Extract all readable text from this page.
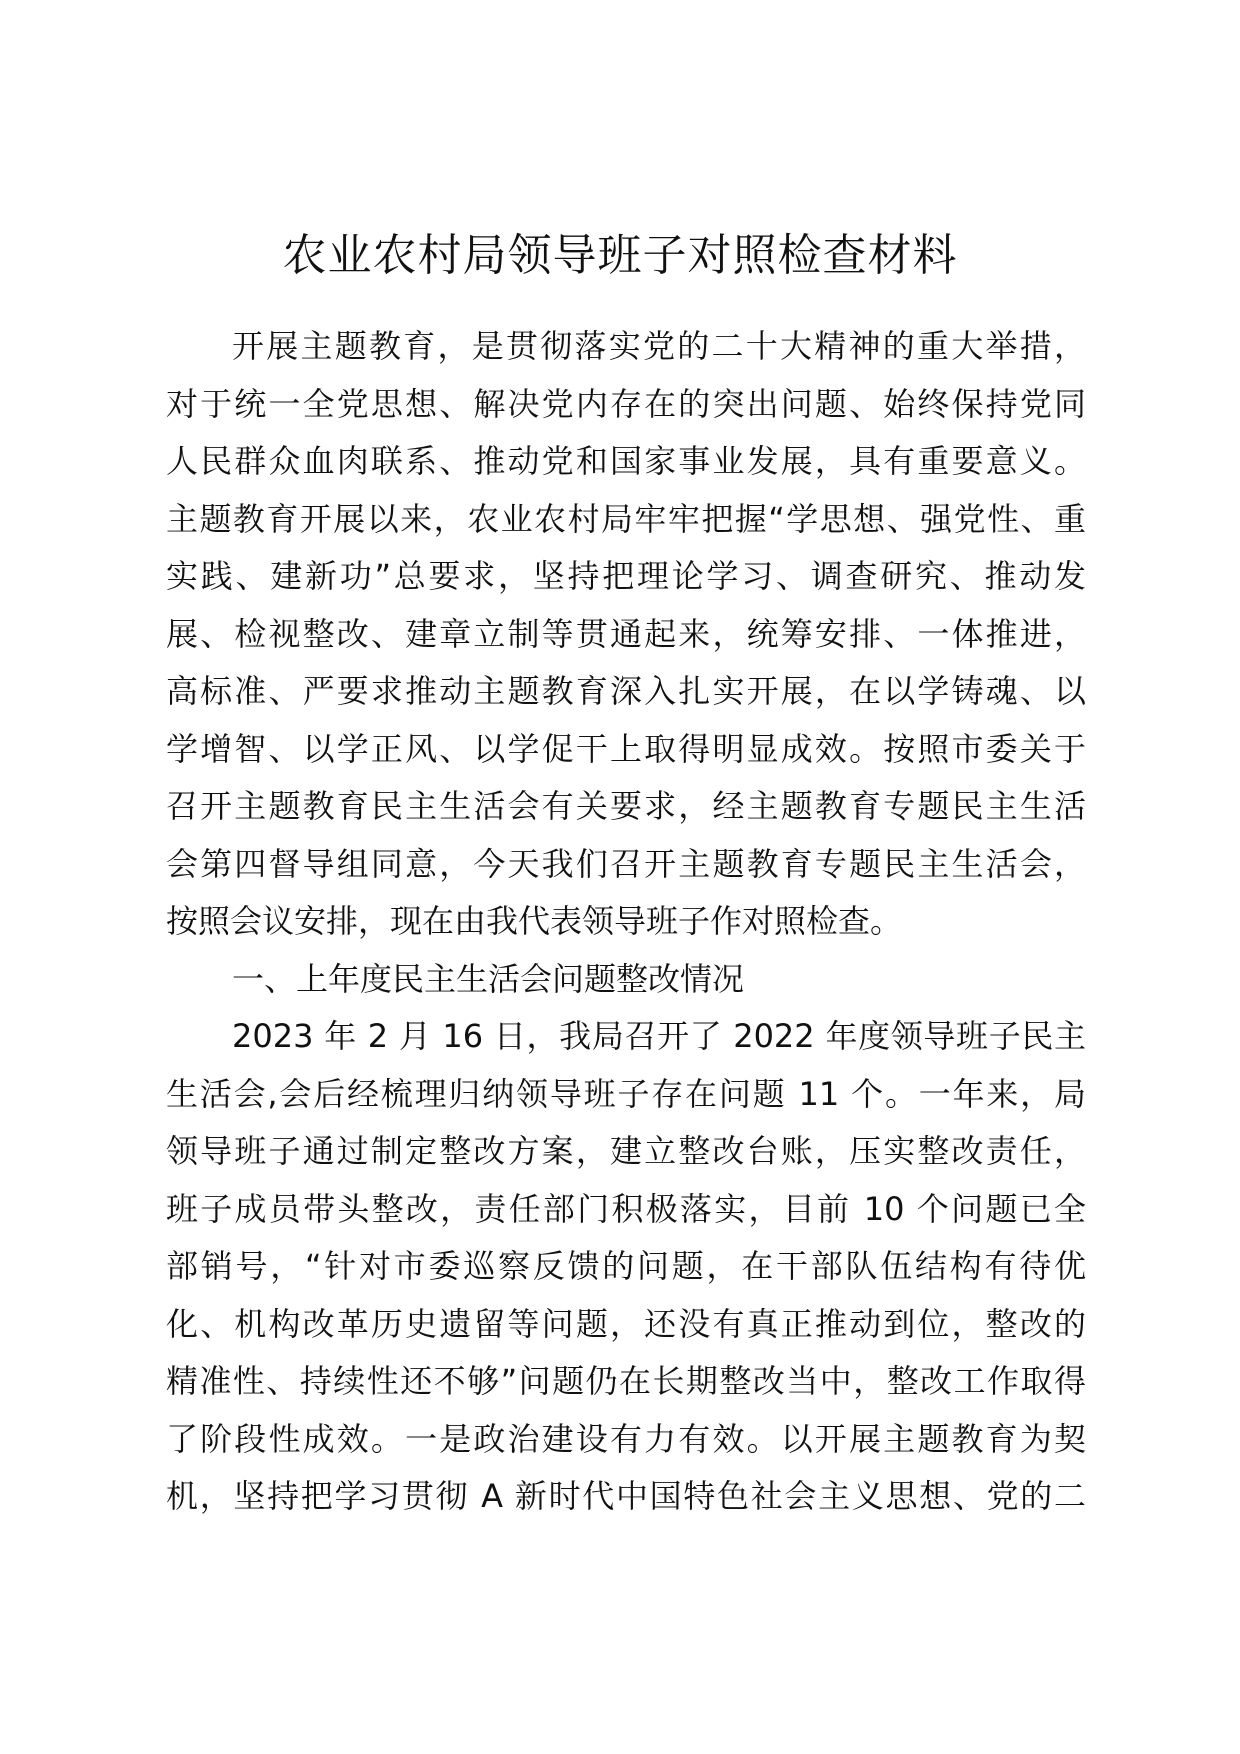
农业农村局领导班子对照检查材料
开展主题教育，是贯彻落实党的二十大精神的重大举措，
对于统一全党思想、解决党内存在的突出问题、始终保持党同
人民群众血肉联系、推动党和国家事业发展，具有重要意义。
主题教育开展以来，农业农村局牢牢把握“学思想、强党性、重
实践、建新功”总要求，坚持把理论学习、调查研究、推动发
展、检视整改、建章立制等贯通起来，统筹安排、一体推进，
高标准、严要求推动主题教育深入扎实开展，在以学铸魂、以
学增智、以学正风、以学促干上取得明显成效。按照市委关于
召开主题教育民主生活会有关要求，经主题教育专题民主生活
会第四督导组同意，今天我们召开主题教育专题民主生活会，
按照会议安排，现在由我代表领导班子作对照检查。
一、上年度民主生活会问题整改情况
2023 年 2 月 16 日，我局召开了 2022 年度领导班子民主
生活会,会后经梳理归纳领导班子存在问题 11 个。一年来，局
领导班子通过制定整改方案，建立整改台账，压实整改责任，
班子成员带头整改，责任部门积极落实，目前 10 个问题已全
部销号，“针对市委巡察反馈的问题，在干部队伍结构有待优
化、机构改革历史遗留等问题，还没有真正推动到位，整改的
精准性、持续性还不够”问题仍在长期整改当中，整改工作取得
了阶段性成效。一是政治建设有力有效。以开展主题教育为契
机，坚持把学习贯彻 A 新时代中国特色社会主义思想、党的二
